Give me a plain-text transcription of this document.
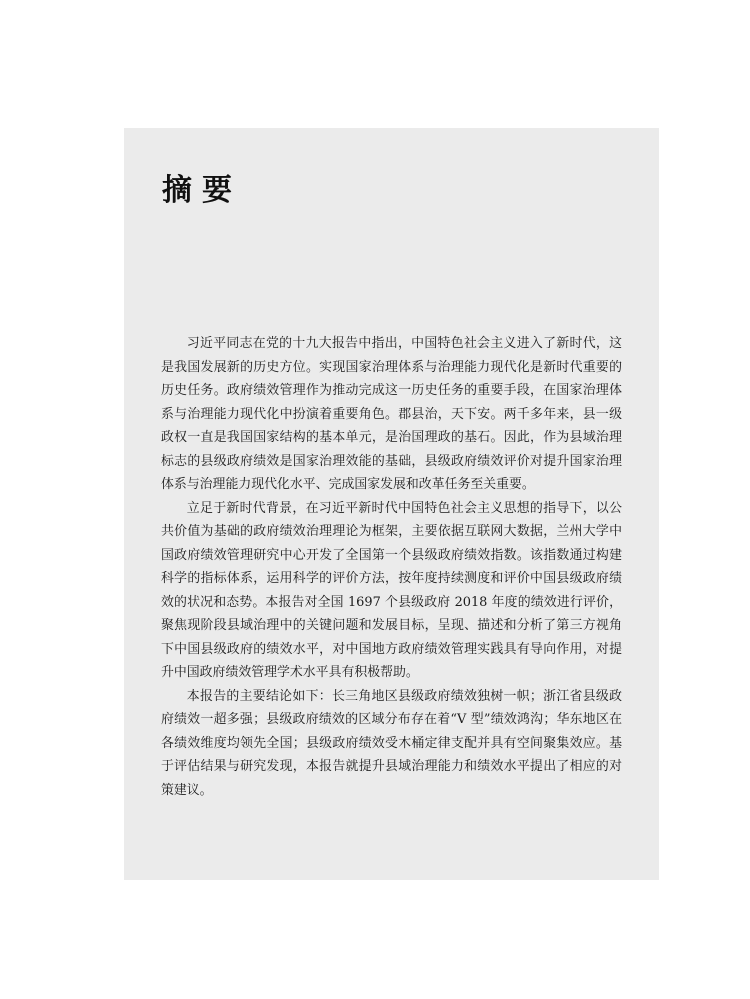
摘要

习近平同志在党的十九大报告中指出，中国特色社会主义进入了新时代，这是我国发展新的历史方位。实现国家治理体系与治理能力现代化是新时代重要的历史任务。政府绩效管理作为推动完成这一历史任务的重要手段，在国家治理体系与治理能力现代化中扮演着重要角色。郡县治，天下安。两千多年来，县一级政权一直是我国国家结构的基本单元，是治国理政的基石。因此，作为县域治理标志的县级政府绩效是国家治理效能的基础，县级政府绩效评价对提升国家治理体系与治理能力现代化水平、完成国家发展和改革任务至关重要。

立足于新时代背景，在习近平新时代中国特色社会主义思想的指导下，以公共价值为基础的政府绩效治理理论为框架，主要依据互联网大数据，兰州大学中国政府绩效管理研究中心开发了全国第一个县级政府绩效指数。该指数通过构建科学的指标体系，运用科学的评价方法，按年度持续测度和评价中国县级政府绩效的状况和态势。本报告对全国 1697 个县级政府 2018 年度的绩效进行评价，聚焦现阶段县域治理中的关键问题和发展目标，呈现、描述和分析了第三方视角下中国县级政府的绩效水平，对中国地方政府绩效管理实践具有导向作用，对提升中国政府绩效管理学术水平具有积极帮助。

本报告的主要结论如下：长三角地区县级政府绩效独树一帜；浙江省县级政府绩效一超多强；县级政府绩效的区域分布存在着“V 型”绩效鸿沟；华东地区在各绩效维度均领先全国；县级政府绩效受木桶定律支配并具有空间聚集效应。基于评估结果与研究发现，本报告就提升县域治理能力和绩效水平提出了相应的对策建议。
